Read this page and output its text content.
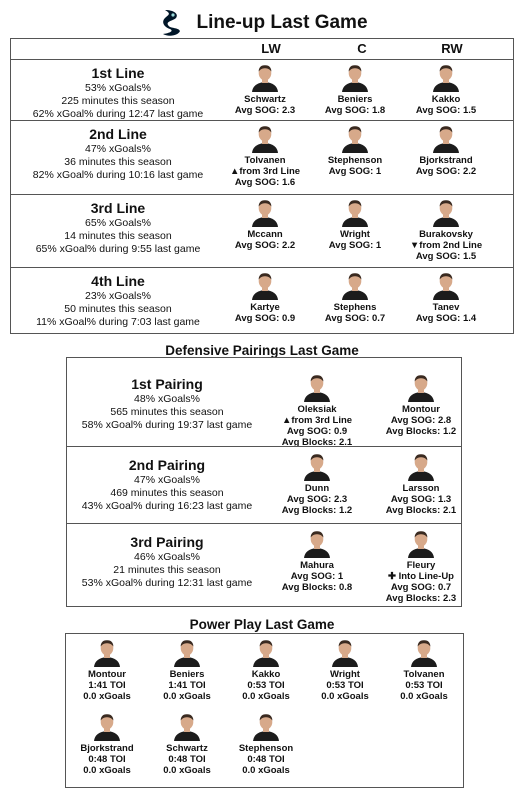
Line-up Last Game
1st Line
53% xGoals%
225 minutes this season
62% xGoal% during 12:47 last game
Schwartz
Avg SOG: 2.3
Beniers
Avg SOG: 1.8
Kakko
Avg SOG: 1.5
2nd Line
47% xGoals%
36 minutes this season
82% xGoal% during 10:16 last game
Tolvanen
▲from 3rd Line
Avg SOG: 1.6
Stephenson
Avg SOG: 1
Bjorkstrand
Avg SOG: 2.2
3rd Line
65% xGoals%
14 minutes this season
65% xGoal% during 9:55 last game
Mccann
Avg SOG: 2.2
Wright
Avg SOG: 1
Burakovsky
▼from 2nd Line
Avg SOG: 1.5
4th Line
23% xGoals%
50 minutes this season
11% xGoal% during 7:03 last game
Kartye
Avg SOG: 0.9
Stephens
Avg SOG: 0.7
Tanev
Avg SOG: 1.4
LW	C	RW
Defensive Pairings Last Game
1st Pairing
48% xGoals%
565 minutes this season
58% xGoal% during 19:37 last game
Oleksiak
▲from 3rd Line
Avg SOG: 0.9
Avg Blocks: 2.1
Montour
Avg SOG: 2.8
Avg Blocks: 1.2
2nd Pairing
47% xGoals%
469 minutes this season
43% xGoal% during 16:23 last game
Dunn
Avg SOG: 2.3
Avg Blocks: 1.2
Larsson
Avg SOG: 1.3
Avg Blocks: 2.1
3rd Pairing
46% xGoals%
21 minutes this season
53% xGoal% during 12:31 last game
Mahura
Avg SOG: 1
Avg Blocks: 0.8
Fleury
✚ Into Line-Up
Avg SOG: 0.7
Avg Blocks: 2.3
Power Play Last Game
Montour
1:41 TOI
0.0 xGoals
Beniers
1:41 TOI
0.0 xGoals
Kakko
0:53 TOI
0.0 xGoals
Wright
0:53 TOI
0.0 xGoals
Tolvanen
0:53 TOI
0.0 xGoals
Bjorkstrand
0:48 TOI
0.0 xGoals
Schwartz
0:48 TOI
0.0 xGoals
Stephenson
0:48 TOI
0.0 xGoals
